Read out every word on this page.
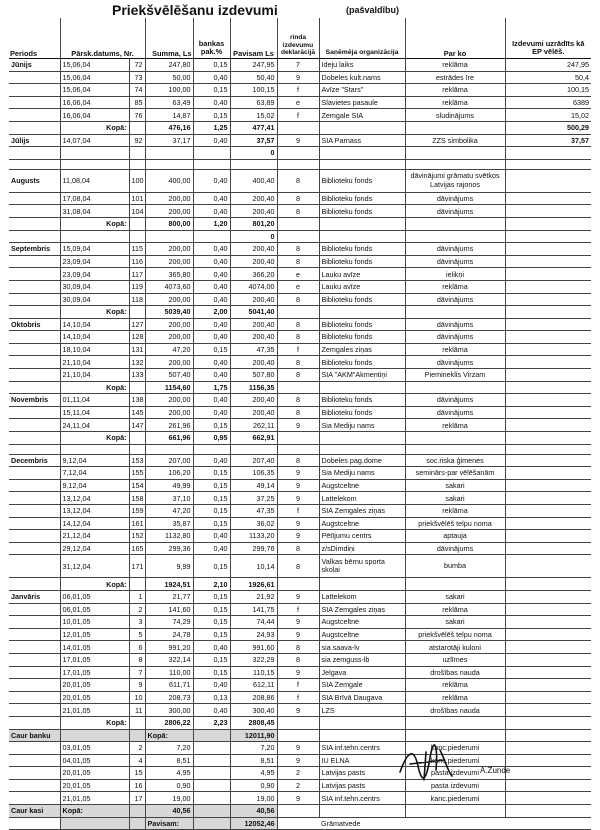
Priekšvēlēšanu izdevumi	(pašvaldību)
Periods	Pārsk.datums, Nr.		Summa, Ls	bankas pak.%	Pavisam Ls	rinda izdevumu deklarācijā	Saņēmēja organizācija	Par ko	Izdevumi uzrādīts kā EP vēlēš.
Jūnijs	15,06,04	72	247,80	0,15	247,95	7	Ideju laiks	reklāma	247,95
	15,06,04	73	50,00	0,40	50,40	9	Dobeles kult.nams	estrādes īre	50,4
	15,06,04	74	100,00	0,15	100,15	f	Avīze "Stars"	reklāma	100,15
	16,06,04	85	63,49	0,40	63,89	e	Slavietes pasaule	reklāma	6389
	16,06,04	76	14,87	0,15	15,02	f	Zemgale SIA	sludinājums	15,02
	Kopā:		476,16	1,25	477,41				500,29
Jūlijs	14,07,04	92	37,17	0,40	37,57	9	SIA Parnass	ZZS simbolika	37,57
					0				

Augusts	11,08,04	100	400,00	0,40	400,40	8	Biblioteku fonds	dāvinājumi grāmatu svētkos Latvijas rajonos	
	17,08,04	101	200,00	0,40	200,40	8	Biblioteku fonds	dāvinājums	
	31,08,04	104	200,00	0,40	200,40	8	Biblioteku fonds	dāvinājums	
	Kopā:		800,00	1,20	801,20				
					0				
Septembris	15,09,04	115	200,00	0,40	200,40	8	Biblioteku fonds	dāvinājums	
	23,09,04	116	200,00	0,40	200,40	8	Biblioteku fonds	dāvinājums	
	23,09,04	117	365,80	0,40	366,20	e	Lauku avīze	ielikņi	
	30,09,04	119	4073,60	0,40	4074,00	e	Lauku avīze	reklāma	
	30,09,04	118	200,00	0,40	200,40	8	Biblioteku fonds	dāvinājums	
	Kopā:		5039,40	2,00	5041,40				
Oktobris	14,10,04	127	200,00	0,40	200,40	8	Biblioteku fonds	dāvinājums	
	14,10,04	128	200,00	0,40	200,40	8	Biblioteku fonds	dāvinājums	
	18,10,04	131	47,20	0,15	47,35	f	Zemgales ziņas	reklāma	
	21,10,04	132	200,00	0,40	200,40	8	Biblioteku fonds	dāvinājums	
	21,10,04	133	507,40	0,40	507,80	8	SIA "AKM"Akmentiņi	Piemineklis Virzam	
	Kopā:		1154,60	1,75	1156,35				
Novembris	01,11,04	138	200,00	0,40	200,40	8	Biblioteku fonds	dāvinājums	
	15,11,04	145	200,00	0,40	200,40	8	Biblioteku fonds	dāvinājums	
	24,11,04	147	261,96	0,15	262,11	9	Sia Mediju nams	reklāma	
	Kopā:		661,96	0,95	662,91				

Decembris	9,12,04	153	207,00	0,40	207,40	8	Dobeles pag.dome	soc.riska ģimenes	
	7,12,04	155	106,20	0,15	106,35	9	Sia Mediju nams	seminārs-par vēlēšanām	
	9,12,04	154	49,99	0,15	49,14	9	Augstceltne	sakari	
	13,12,04	158	37,10	0,15	37,25	9	Lattelekom	sakari	
	13,12,04	159	47,20	0,15	47,35	f	SIA Zemgales ziņas	reklāma	
	14,12,04	161	35,87	0,15	36,02	9	Augstceltne	priekšvēlēš telpu noma	
	21,12,04	152	1132,80	0,40	1133,20	9	Pētījumu centrs	aptauja	
	29,12,04	165	299,36	0,40	299,76	8	z/sDimdiņi	dāvinājums	
	31,12,04	171	9,99	0,15	10,14	8	Valkas bērnu sporta skolai	bumba	
	Kopā:		1924,51	2,10	1926,61				
Janvāris	06,01,05	1	21,77	0,15	21,92	9	Lattelekom	sakari	
	06,01,05	2	141,60	0,15	141,75	f	SIA Zemgales ziņas	reklāma	
	10,01,05	3	74,29	0,15	74,44	9	Augstceltne	sakari	
	12,01,05	5	24,78	0,15	24,93	9	Augstceltne	priekšvēlēš telpu noma	
	14,01,05	6	991,20	0,40	991,60	8	sia saava-lv	atstarotāji kuloni	
	17,01,05	8	322,14	0,15	322,29	8	sia zemguss-lb	uzlīmes	
	17,01,05	7	110,00	0,15	110,15	9	Jelgava	drošības nauda	
	20,01,05	9	611,71	0,40	612,11	f	SIA Zemgale	reklāma	
	20,01,05	10	208,73	0,13	208,86	f	SIA Brīvā Daugava	reklāma	
	21,01,05	11	300,00	0,40	300,40	9	LZS	drošības nauda	
	Kopā:		2806,22	2,23	2808,45				
Caur banku			Kopā:		12011,90				
	03,01,05	2	7,20		7,20	9	SIA inf.tehn.centrs	kanc.piederumi	
	04,01,05	4	8,51		8,51	9	IU ELNA	kanc.piederumi	
	20,01,05	15	4,95		4,95	2	Latvijas pasts	pasta izdevumi	
	20,01,05	16	0,90		0,90	2	Latvijas pasts	pasta izdevumi	
	21,01,05	17	19,00		19,00	9	SIA inf.tehn.centrs	kanc.piederumi	
Caur kasi	Kopā:		40,56		40,56				
			Pavisam:		12052,46		Grāmatvede		
A.Zunde
